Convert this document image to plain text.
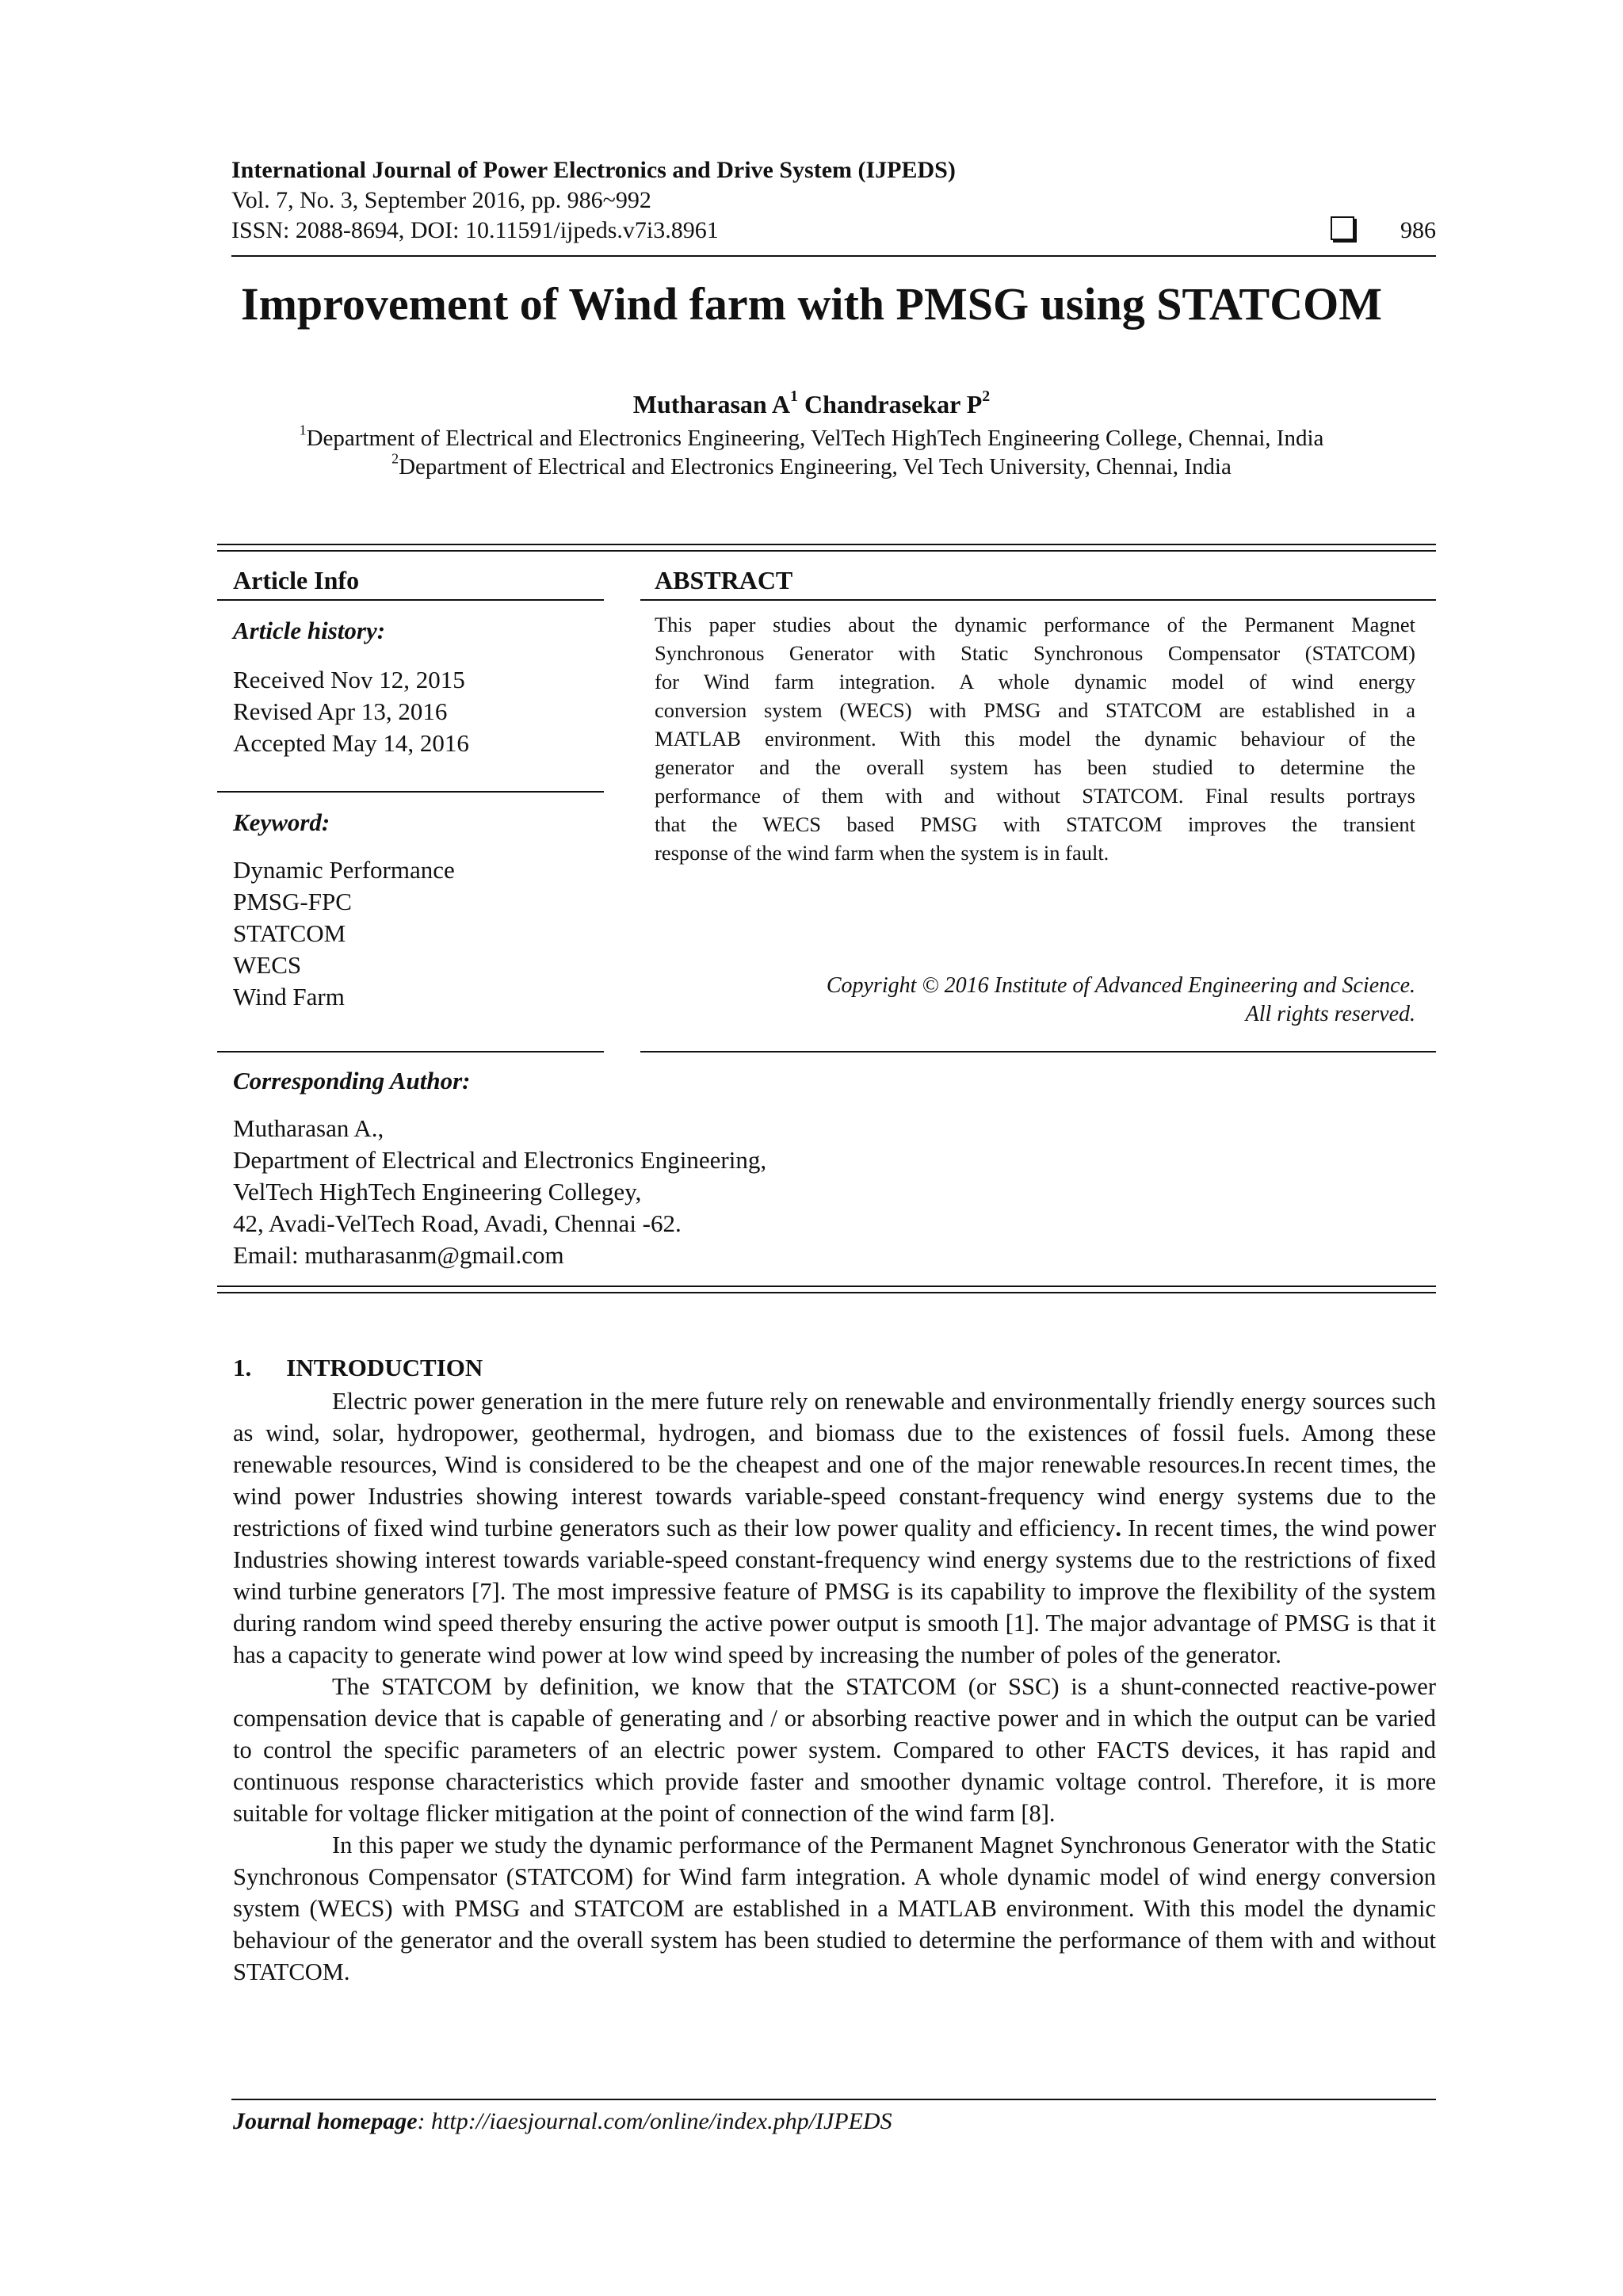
International Journal of Power Electronics and Drive System (IJPEDS)
Vol. 7, No. 3, September 2016, pp. 986~992
ISSN: 2088-8694, DOI: 10.11591/ijpeds.v7i3.8961	986
Improvement of Wind farm with PMSG using STATCOM
Mutharasan $A^1$ Chandrasekar $P^2$
$^1$Department of Electrical and Electronics Engineering, VelTech HighTech Engineering College, Chennai, India
$^2$Department of Electrical and Electronics Engineering, Vel Tech University, Chennai, India
Article Info
Article history:
Received Nov 12, 2015
Revised Apr 13, 2016
Accepted May 14, 2016
Keyword:
Dynamic Performance
PMSG-FPC
STATCOM
WECS
Wind Farm
ABSTRACT
This paper studies about the dynamic performance of the Permanent Magnet
Synchronous Generator with Static Synchronous Compensator (STATCOM)
for Wind farm integration. A whole dynamic model of wind energy
conversion system (WECS) with PMSG and STATCOM are established in a
MATLAB environment. With this model the dynamic behaviour of the
generator and the overall system has been studied to determine the
performance of them with and without STATCOM. Final results portrays
that the WECS based PMSG with STATCOM improves the transient
response of the wind farm when the system is in fault.
Copyright © 2016 Institute of Advanced Engineering and Science.
All rights reserved.
Corresponding Author:
Mutharasan A.,
Department of Electrical and Electronics Engineering,
VelTech HighTech Engineering Collegey,
42, Avadi-VelTech Road, Avadi, Chennai -62.
Email: mutharasanm@gmail.com
1. INTRODUCTION

Electric power generation in the mere future rely on renewable and environmentally friendly energy sources such as wind, solar, hydropower, geothermal, hydrogen, and biomass due to the existences of fossil fuels. Among these renewable resources, Wind is considered to be the cheapest and one of the major renewable resources.In recent times, the wind power Industries showing interest towards variable-speed constant-frequency wind energy systems due to the restrictions of fixed wind turbine generators such as their low power quality and efficiency. In recent times, the wind power Industries showing interest towards variable-speed constant-frequency wind energy systems due to the restrictions of fixed wind turbine generators [7]. The most impressive feature of PMSG is its capability to improve the flexibility of the system during random wind speed thereby ensuring the active power output is smooth [1]. The major advantage of PMSG is that it has a capacity to generate wind power at low wind speed by increasing the number of poles of the generator.

The STATCOM by definition, we know that the STATCOM (or SSC) is a shunt-connected reactive-power compensation device that is capable of generating and / or absorbing reactive power and in which the output can be varied to control the specific parameters of an electric power system. Compared to other FACTS devices, it has rapid and continuous response characteristics which provide faster and smoother dynamic voltage control. Therefore, it is more suitable for voltage flicker mitigation at the point of connection of the wind farm [8].

In this paper we study the dynamic performance of the Permanent Magnet Synchronous Generator with the Static Synchronous Compensator (STATCOM) for Wind farm integration. A whole dynamic model of wind energy conversion system (WECS) with PMSG and STATCOM are established in a MATLAB environment. With this model the dynamic behaviour of the generator and the overall system has been studied to determine the performance of them with and without STATCOM.

Journal homepage: http://iaesjournal.com/online/index.php/IJPEDS
